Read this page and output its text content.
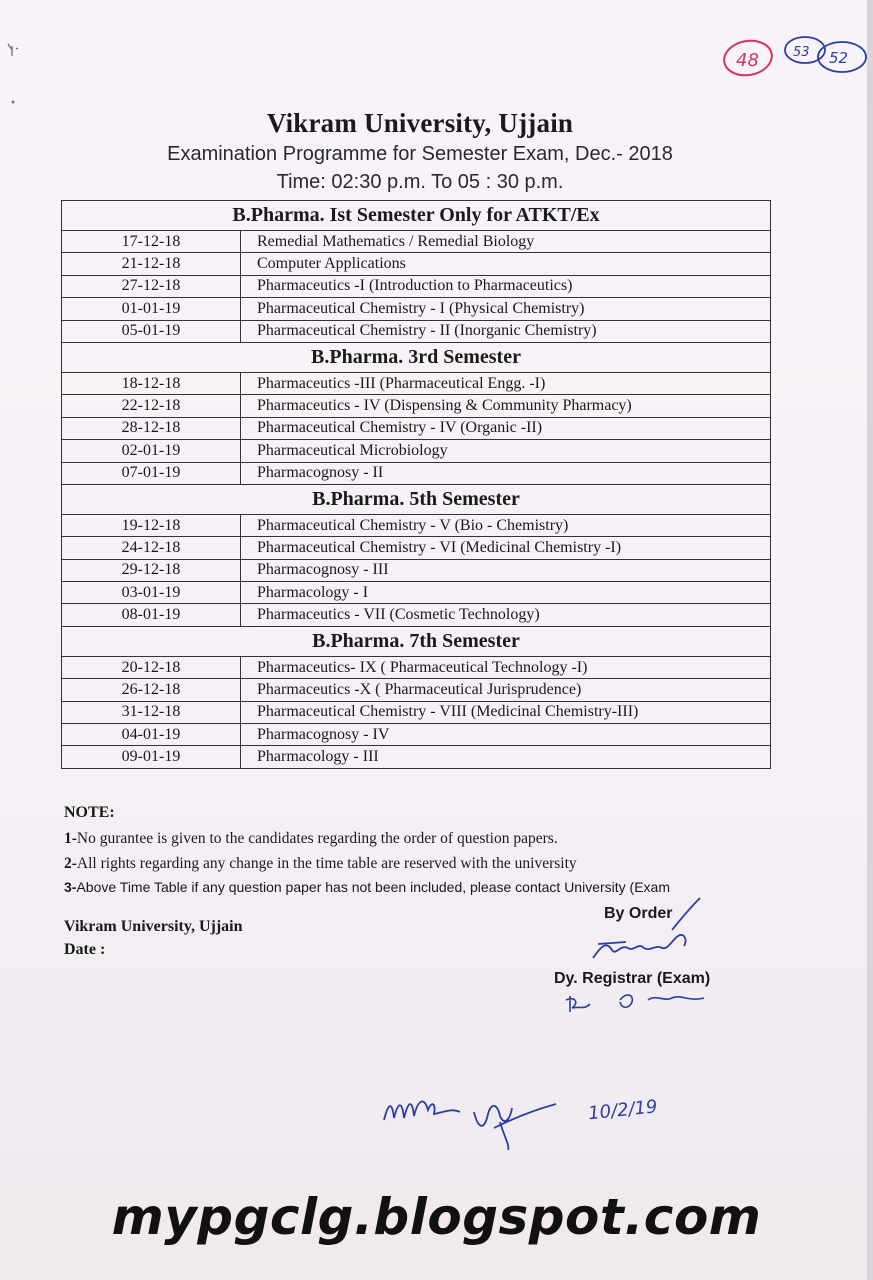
48	53 52
10/2/19
Vikram University, Ujjain
Examination Programme for Semester Exam, Dec.- 2018
Time: 02:30 p.m. To 05 : 30 p.m.
B.Pharma. Ist Semester Only for ATKT/Ex	
17-12-18	Remedial Mathematics / Remedial Biology
21-12-18	Computer Applications
27-12-18	Pharmaceutics -I (Introduction to Pharmaceutics)
01-01-19	Pharmaceutical Chemistry - I (Physical Chemistry)
05-01-19	Pharmaceutical Chemistry - II (Inorganic Chemistry)
B.Pharma. 3rd Semester	
18-12-18	Pharmaceutics -III (Pharmaceutical Engg. -I)
22-12-18	Pharmaceutics - IV (Dispensing & Community Pharmacy)
28-12-18	Pharmaceutical Chemistry - IV (Organic -II)
02-01-19	Pharmaceutical Microbiology
07-01-19	Pharmacognosy - II
B.Pharma. 5th Semester	
19-12-18	Pharmaceutical Chemistry - V (Bio - Chemistry)
24-12-18	Pharmaceutical Chemistry - VI (Medicinal Chemistry -I)
29-12-18	Pharmacognosy - III
03-01-19	Pharmacology - I
08-01-19	Pharmaceutics - VII (Cosmetic Technology)
B.Pharma. 7th Semester	
20-12-18	Pharmaceutics- IX ( Pharmaceutical Technology -I)
26-12-18	Pharmaceutics -X ( Pharmaceutical Jurisprudence)
31-12-18	Pharmaceutical Chemistry - VIII (Medicinal Chemistry-III)
04-01-19	Pharmacognosy - IV
09-01-19	Pharmacology - III
NOTE:
1-No gurantee is given to the candidates regarding the order of question papers.
2-All rights regarding any change in the time table are reserved with the university
3-Above Time Table if any question paper has not been included, please contact University (Exam
Vikram University, Ujjain
Date :
By Order
Dy. Registrar (Exam)
mypgclg.blogspot.com
